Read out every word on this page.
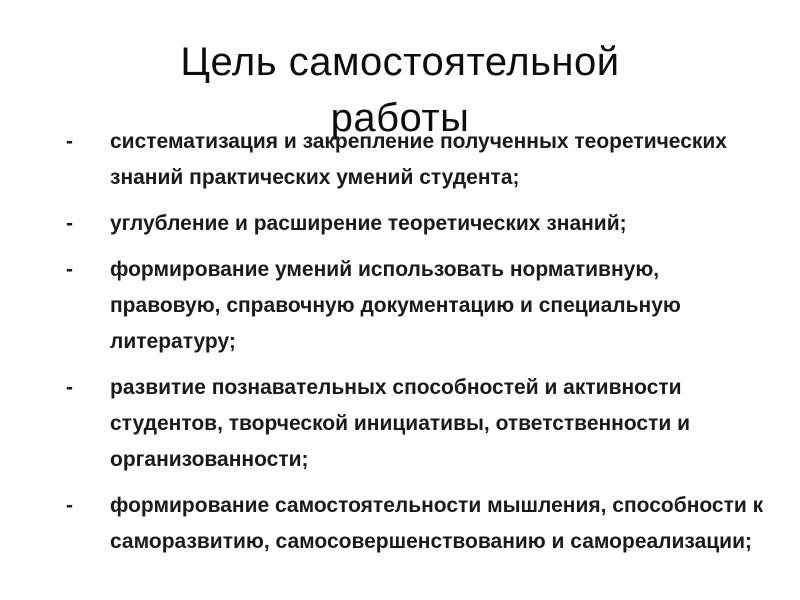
Цель самостоятельной
работы
-	систематизация и закрепление полученных теоретических знаний практических умений студента;
-	углубление и расширение теоретических знаний;
-	формирование умений использовать нормативную, правовую, справочную документацию и специальную литературу;
-	развитие познавательных способностей и активности студентов, творческой инициативы, ответственности и организованности;
-	формирование самостоятельности мышления, способности к саморазвитию, самосовершенствованию и самореализации;
